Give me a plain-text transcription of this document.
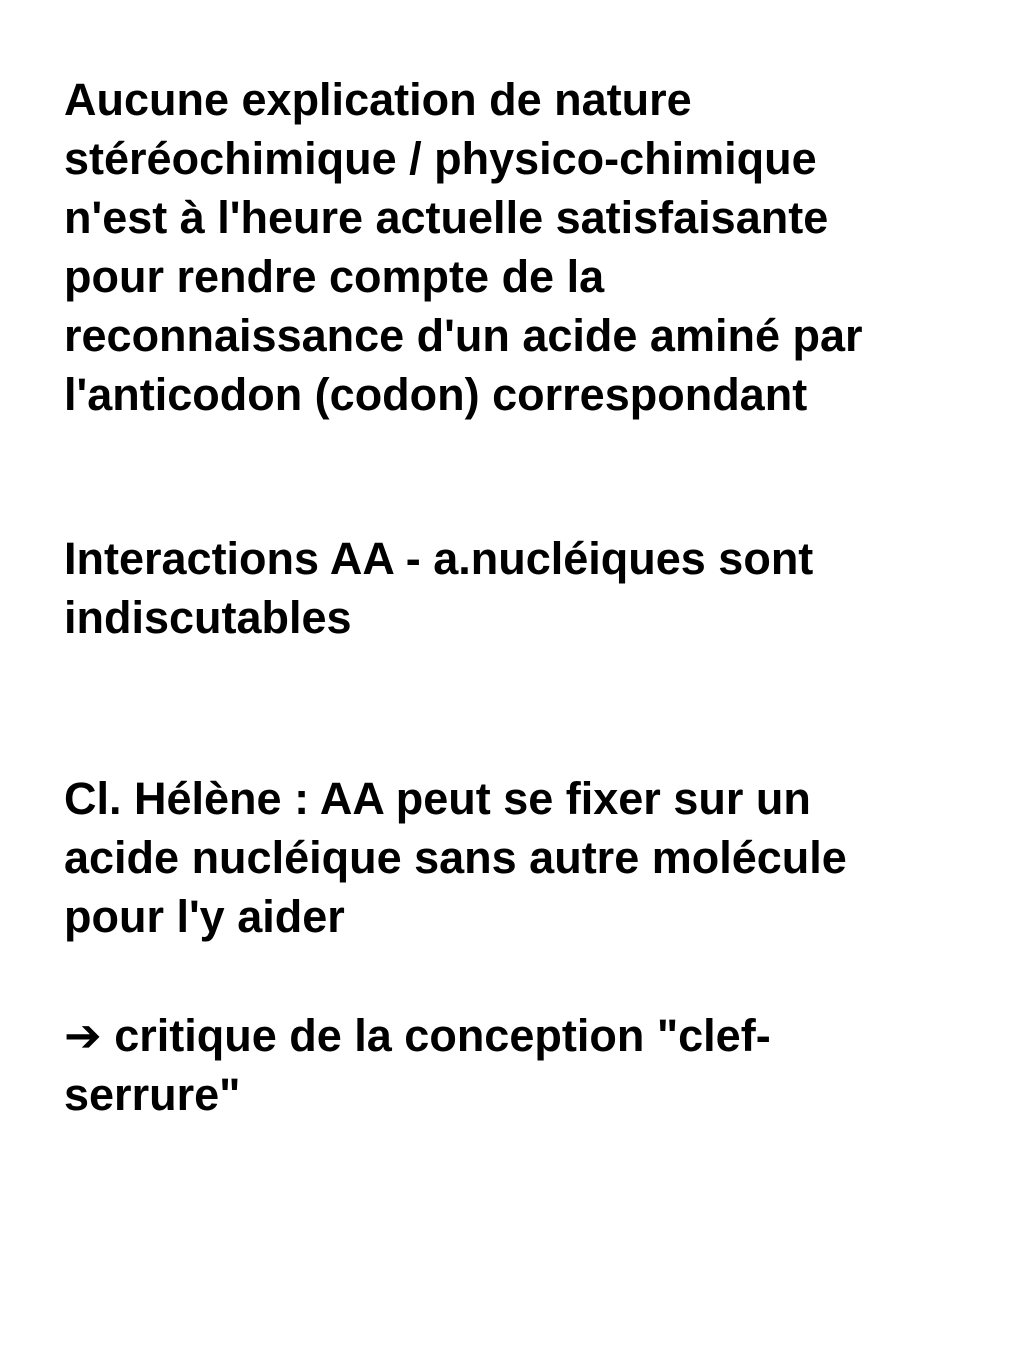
Aucune explication de nature
stéréochimique / physico-chimique
n'est à l'heure actuelle satisfaisante
pour rendre compte de la
reconnaissance d'un acide aminé par
l'anticodon (codon) correspondant

Interactions AA - a.nucléiques sont
indiscutables

Cl. Hélène : AA peut se fixer sur un
acide nucléique sans autre molécule
pour l'y aider

➔ critique de la conception "clef-
serrure"
